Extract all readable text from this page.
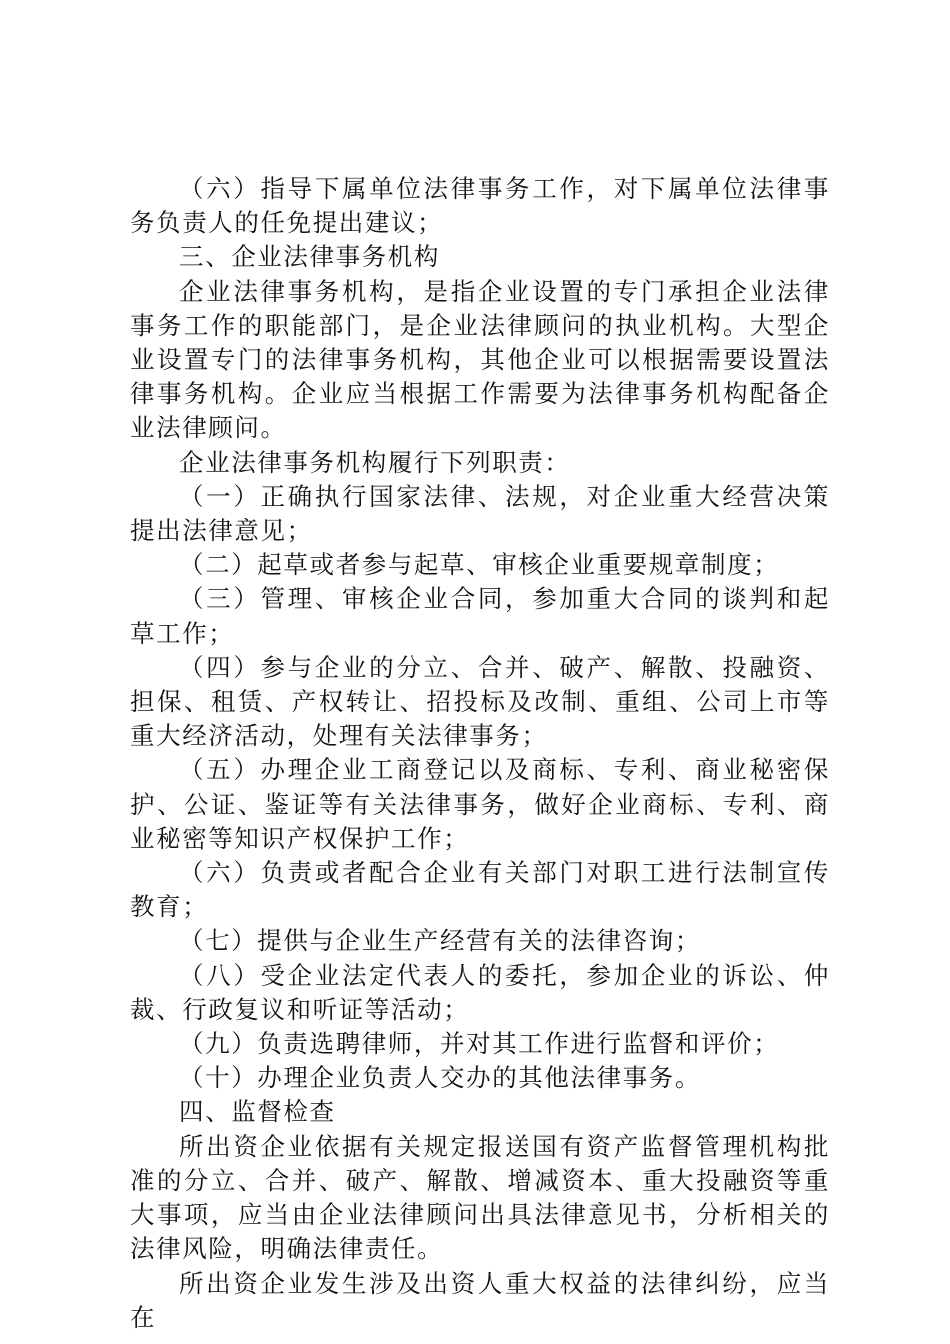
（六）指导下属单位法律事务工作，对下属单位法律事务负责人的任免提出建议；

三、企业法律事务机构

企业法律事务机构，是指企业设置的专门承担企业法律事务工作的职能部门，是企业法律顾问的执业机构。大型企业设置专门的法律事务机构，其他企业可以根据需要设置法律事务机构。企业应当根据工作需要为法律事务机构配备企业法律顾问。

企业法律事务机构履行下列职责：

（一）正确执行国家法律、法规，对企业重大经营决策提出法律意见；

（二）起草或者参与起草、审核企业重要规章制度；

（三）管理、审核企业合同，参加重大合同的谈判和起草工作；

（四）参与企业的分立、合并、破产、解散、投融资、担保、租赁、产权转让、招投标及改制、重组、公司上市等重大经济活动，处理有关法律事务；

（五）办理企业工商登记以及商标、专利、商业秘密保护、公证、鉴证等有关法律事务，做好企业商标、专利、商业秘密等知识产权保护工作；

（六）负责或者配合企业有关部门对职工进行法制宣传教育；

（七）提供与企业生产经营有关的法律咨询；

（八）受企业法定代表人的委托，参加企业的诉讼、仲裁、行政复议和听证等活动；

（九）负责选聘律师，并对其工作进行监督和评价；

（十）办理企业负责人交办的其他法律事务。

四、监督检查

所出资企业依据有关规定报送国有资产监督管理机构批准的分立、合并、破产、解散、增减资本、重大投融资等重大事项，应当由企业法律顾问出具法律意见书，分析相关的法律风险，明确法律责任。

所出资企业发生涉及出资人重大权益的法律纠纷，应当在
